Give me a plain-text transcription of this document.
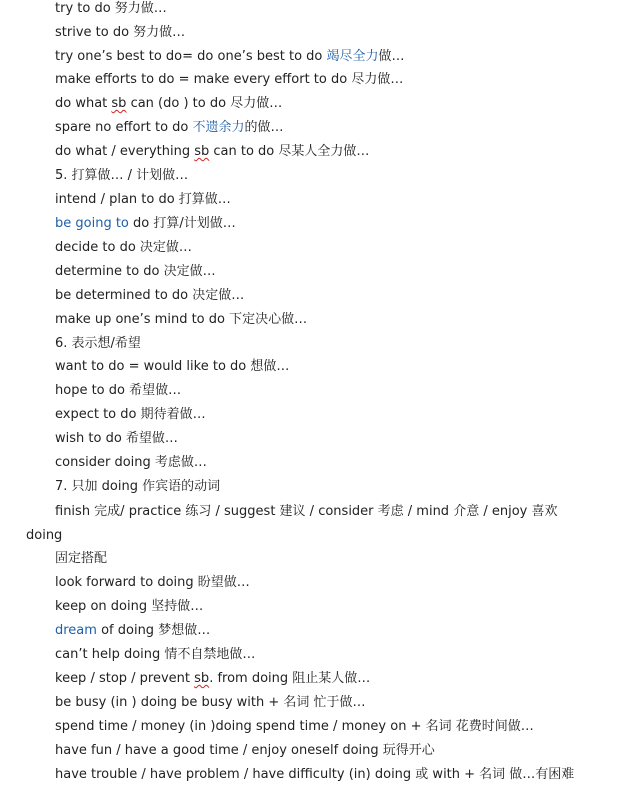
try to do 努力做…
strive to do 努力做…
try one’s best to do= do one’s best to do 竭尽全力做…
make efforts to do = make every effort to do 尽力做…
do what sb can (do ) to do 尽力做…
spare no effort to do 不遗余力的做…
do what / everything sb can to do 尽某人全力做…
5. 打算做… / 计划做…
intend / plan to do 打算做…
be going to do 打算/计划做…
decide to do 决定做…
determine to do 决定做…
be determined to do 决定做…
make up one’s mind to do 下定决心做…
6. 表示想/希望
want to do = would like to do 想做…
hope to do 希望做…
expect to do 期待着做…
wish to do 希望做…
consider doing 考虑做…
7. 只加 doing 作宾语的动词
finish 完成/ practice 练习 / suggest 建议 / consider 考虑 / mind 介意 / enjoy 喜欢
doing
固定搭配
look forward to doing 盼望做…
keep on doing 坚持做…
dream of doing 梦想做…
can’t help doing 情不自禁地做…
keep / stop / prevent sb. from doing 阻止某人做…
be busy (in ) doing be busy with + 名词 忙于做…
spend time / money (in )doing spend time / money on + 名词 花费时间做…
have fun / have a good time / enjoy oneself doing 玩得开心
have trouble / have problem / have difficulty (in) doing 或 with + 名词 做…有困难
